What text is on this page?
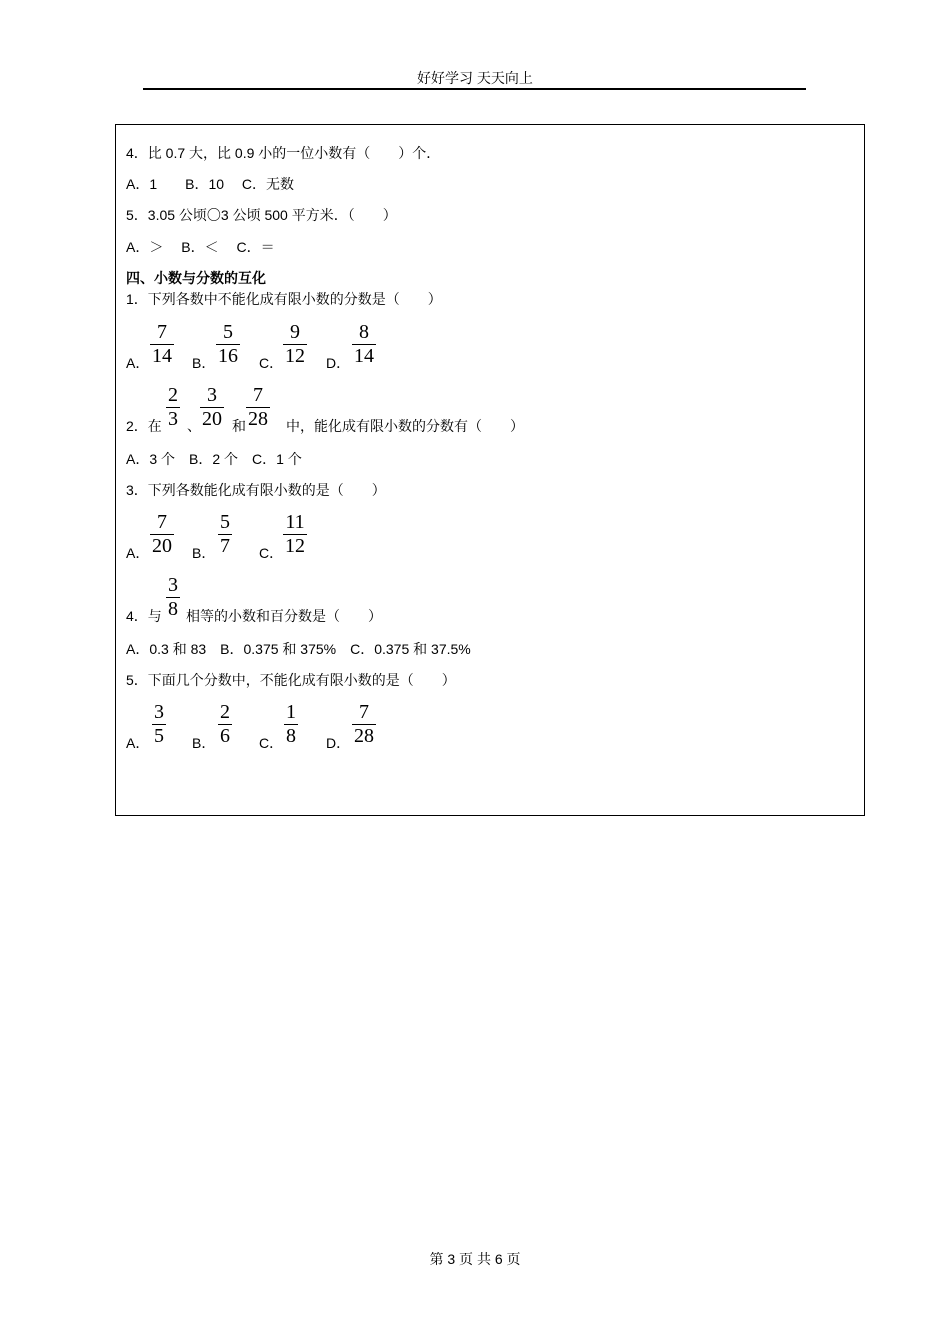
好好学习 天天向上
4．比 0.7 大，比 0.9 小的一位小数有（　　）个．
A．1　　B．10　 C．无数
5．3.05 公顷〇3 公顷 500 平方米．（　　）
A．＞　 B．＜　 C．＝
四、小数与分数的互化
1．下列各数中不能化成有限小数的分数是（　　）
A．
7
14 B．
5
16 C．
9
12 D．
8
14
2．在
2
3 、
3
20 和
7
28 中，能化成有限小数的分数有（　　）
A．3 个　B．2 个　C．1 个
3．下列各数能化成有限小数的是（　　）
A．
7
20 B．
5
7 C．
11
12
4．与
3
8 相等的小数和百分数是（　　）
A．0.3 和 83　B．0.375 和 375%　C．0.375 和 37.5%
5．下面几个分数中，不能化成有限小数的是（　　）
A．
3
5 B．
2
6 C．
1
8 D．
7
28
第 3 页 共 6 页
